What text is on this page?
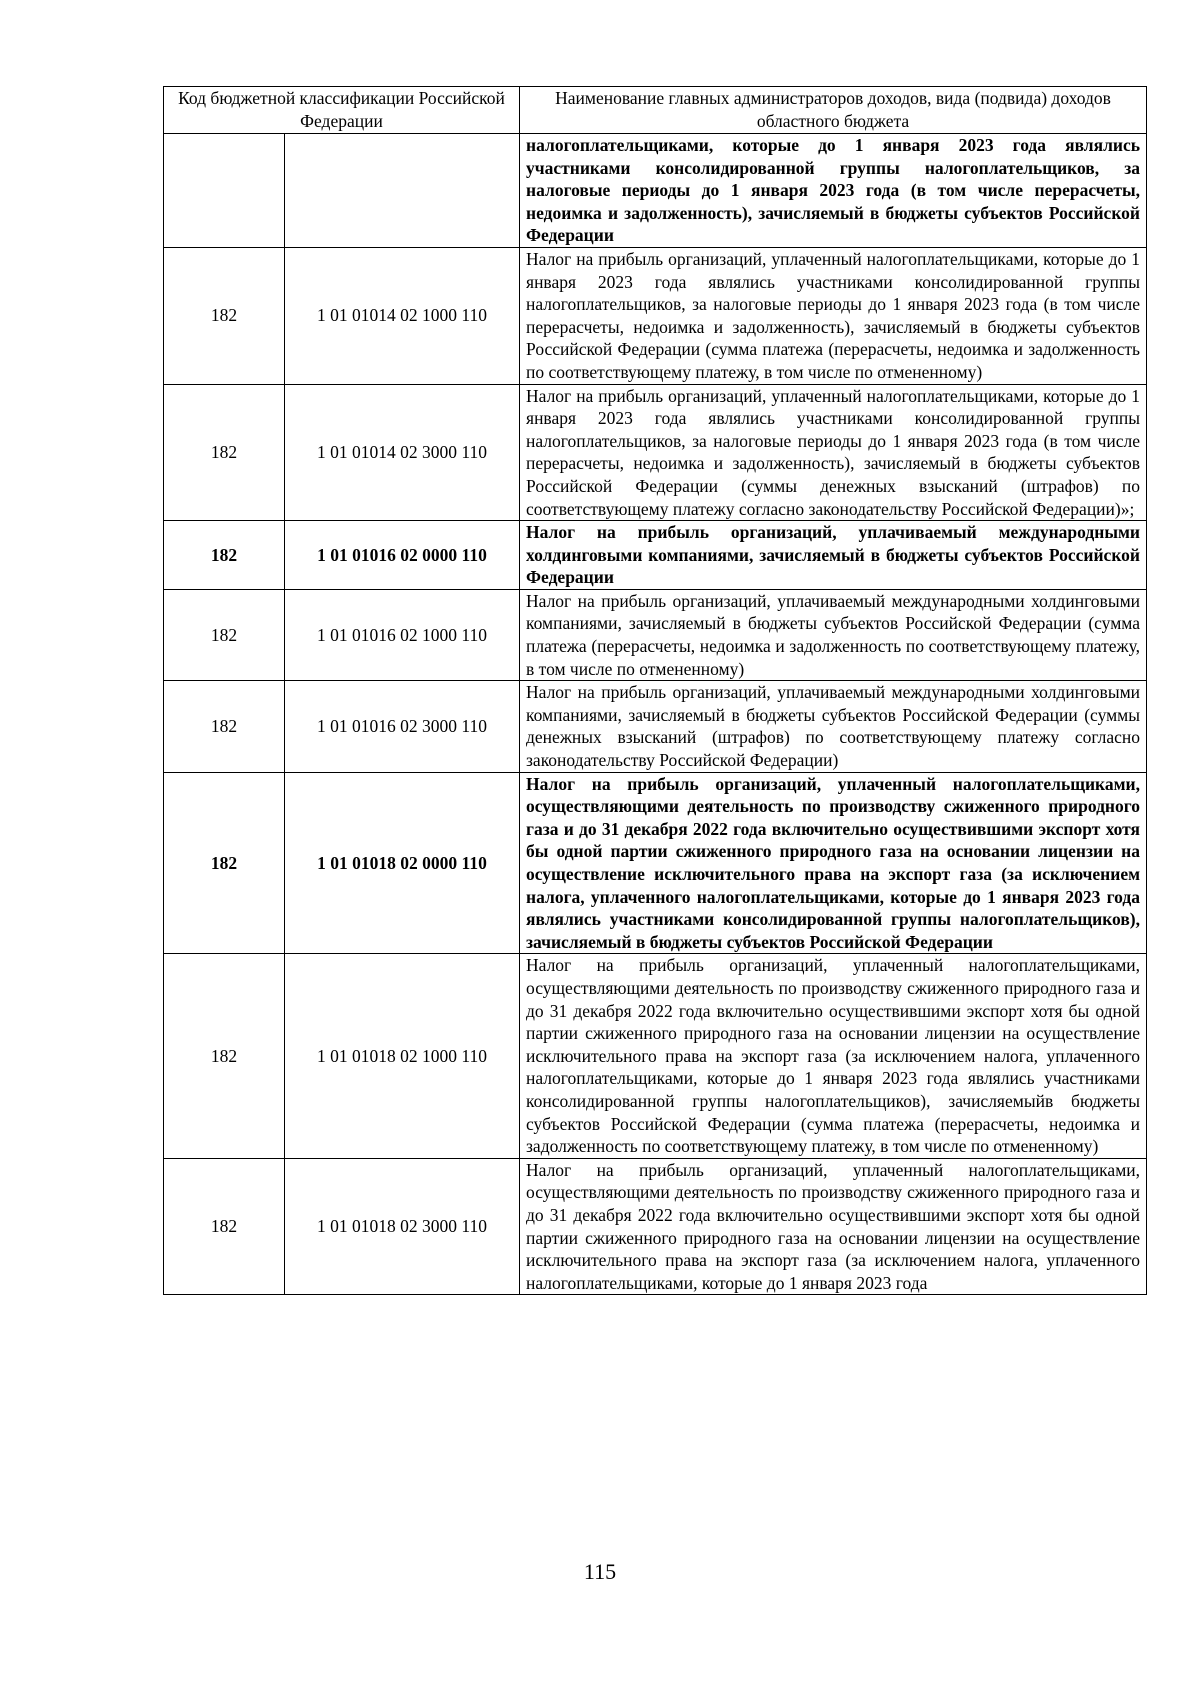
Код бюджетной классификации Российской Федерации		Наименование главных администраторов доходов, вида (подвида) доходов областного бюджета
		налогоплательщиками, которые до 1 января 2023 года являлись участниками консолидированной группы налогоплательщиков, за налоговые периоды до 1 января 2023 года (в том числе перерасчеты, недоимка и задолженность), зачисляемый в бюджеты субъектов Российской Федерации
182	1 01 01014 02 1000 110	Налог на прибыль организаций, уплаченный налогоплательщиками, которые до 1 января 2023 года являлись участниками консолидированной группы налогоплательщиков, за налоговые периоды до 1 января 2023 года (в том числе перерасчеты, недоимка и задолженность), зачисляемый в бюджеты субъектов Российской Федерации (сумма платежа (перерасчеты, недоимка и задолженность по соответствующему платежу, в том числе по отмененному)
182	1 01 01014 02 3000 110	Налог на прибыль организаций, уплаченный налогоплательщиками, которые до 1 января 2023 года являлись участниками консолидированной группы налогоплательщиков, за налоговые периоды до 1 января 2023 года (в том числе перерасчеты, недоимка и задолженность), зачисляемый в бюджеты субъектов Российской Федерации (суммы денежных взысканий (штрафов) по соответствующему платежу согласно законодательству Российской Федерации)»;
182	1 01 01016 02 0000 110	Налог на прибыль организаций, уплачиваемый международными холдинговыми компаниями, зачисляемый в бюджеты субъектов Российской Федерации
182	1 01 01016 02 1000 110	Налог на прибыль организаций, уплачиваемый международными холдинговыми компаниями, зачисляемый в бюджеты субъектов Российской Федерации (сумма платежа (перерасчеты, недоимка и задолженность по соответствующему платежу, в том числе по отмененному)
182	1 01 01016 02 3000 110	Налог на прибыль организаций, уплачиваемый международными холдинговыми компаниями, зачисляемый в бюджеты субъектов Российской Федерации (суммы денежных взысканий (штрафов) по соответствующему платежу согласно законодательству Российской Федерации)
182	1 01 01018 02 0000 110	Налог на прибыль организаций, уплаченный налогоплательщиками, осуществляющими деятельность по производству сжиженного природного газа и до 31 декабря 2022 года включительно осуществившими экспорт хотя бы одной партии сжиженного природного газа на основании лицензии на осуществление исключительного права на экспорт газа (за исключением налога, уплаченного налогоплательщиками, которые до 1 января 2023 года являлись участниками консолидированной группы налогоплательщиков), зачисляемый в бюджеты субъектов Российской Федерации
182	1 01 01018 02 1000 110	Налог на прибыль организаций, уплаченный налогоплательщиками, осуществляющими деятельность по производству сжиженного природного газа и до 31 декабря 2022 года включительно осуществившими экспорт хотя бы одной партии сжиженного природного газа на основании лицензии на осуществление исключительного права на экспорт газа (за исключением налога, уплаченного налогоплательщиками, которые до 1 января 2023 года являлись участниками консолидированной группы налогоплательщиков), зачисляемыйв бюджеты субъектов Российской Федерации (сумма платежа (перерасчеты, недоимка и задолженность по соответствующему платежу, в том числе по отмененному)
182	1 01 01018 02 3000 110	Налог на прибыль организаций, уплаченный налогоплательщиками, осуществляющими деятельность по производству сжиженного природного газа и до 31 декабря 2022 года включительно осуществившими экспорт хотя бы одной партии сжиженного природного газа на основании лицензии на осуществление исключительного права на экспорт газа (за исключением налога, уплаченного налогоплательщиками, которые до 1 января 2023 года
115
